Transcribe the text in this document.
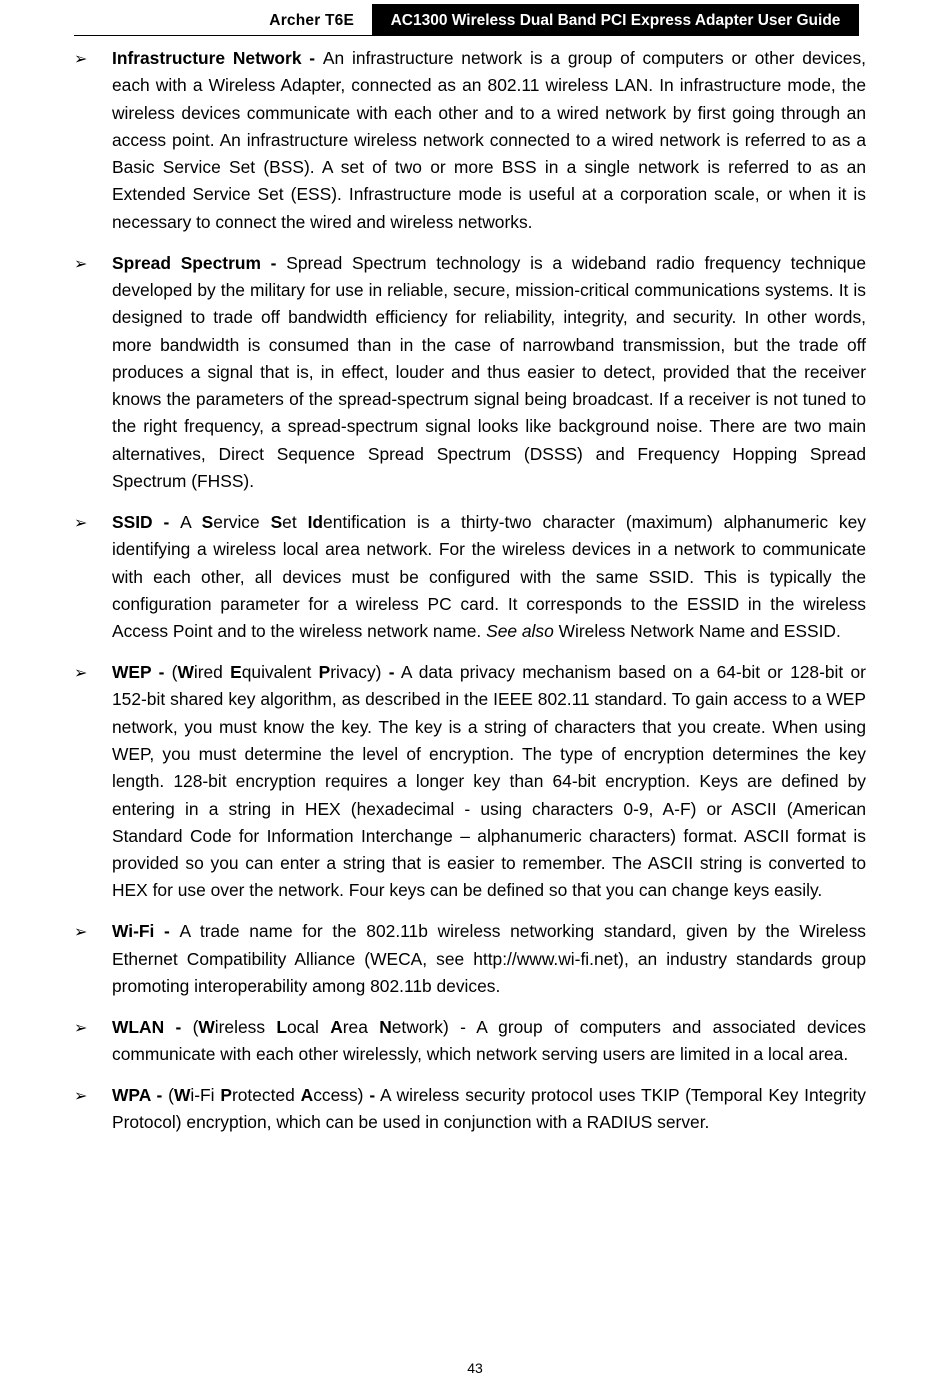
Archer T6E	AC1300 Wireless Dual Band PCI Express Adapter User Guide
➢ Infrastructure Network - An infrastructure network is a group of computers or other devices, each with a Wireless Adapter, connected as an 802.11 wireless LAN. In infrastructure mode, the wireless devices communicate with each other and to a wired network by first going through an access point. An infrastructure wireless network connected to a wired network is referred to as a Basic Service Set (BSS). A set of two or more BSS in a single network is referred to as an Extended Service Set (ESS). Infrastructure mode is useful at a corporation scale, or when it is necessary to connect the wired and wireless networks.
➢ Spread Spectrum - Spread Spectrum technology is a wideband radio frequency technique developed by the military for use in reliable, secure, mission-critical communications systems. It is designed to trade off bandwidth efficiency for reliability, integrity, and security. In other words, more bandwidth is consumed than in the case of narrowband transmission, but the trade off produces a signal that is, in effect, louder and thus easier to detect, provided that the receiver knows the parameters of the spread-spectrum signal being broadcast. If a receiver is not tuned to the right frequency, a spread-spectrum signal looks like background noise. There are two main alternatives, Direct Sequence Spread Spectrum (DSSS) and Frequency Hopping Spread Spectrum (FHSS).
➢ SSID - A Service Set Identification is a thirty-two character (maximum) alphanumeric key identifying a wireless local area network. For the wireless devices in a network to communicate with each other, all devices must be configured with the same SSID. This is typically the configuration parameter for a wireless PC card. It corresponds to the ESSID in the wireless Access Point and to the wireless network name. See also Wireless Network Name and ESSID.
➢ WEP - (Wired Equivalent Privacy) - A data privacy mechanism based on a 64-bit or 128-bit or 152-bit shared key algorithm, as described in the IEEE 802.11 standard. To gain access to a WEP network, you must know the key. The key is a string of characters that you create. When using WEP, you must determine the level of encryption. The type of encryption determines the key length. 128-bit encryption requires a longer key than 64-bit encryption. Keys are defined by entering in a string in HEX (hexadecimal - using characters 0-9, A-F) or ASCII (American Standard Code for Information Interchange – alphanumeric characters) format. ASCII format is provided so you can enter a string that is easier to remember. The ASCII string is converted to HEX for use over the network. Four keys can be defined so that you can change keys easily.
➢ Wi-Fi - A trade name for the 802.11b wireless networking standard, given by the Wireless Ethernet Compatibility Alliance (WECA, see http://www.wi-fi.net), an industry standards group promoting interoperability among 802.11b devices.
➢ WLAN - (Wireless Local Area Network) - A group of computers and associated devices communicate with each other wirelessly, which network serving users are limited in a local area.
➢ WPA - (Wi-Fi Protected Access) - A wireless security protocol uses TKIP (Temporal Key Integrity Protocol) encryption, which can be used in conjunction with a RADIUS server.
43
